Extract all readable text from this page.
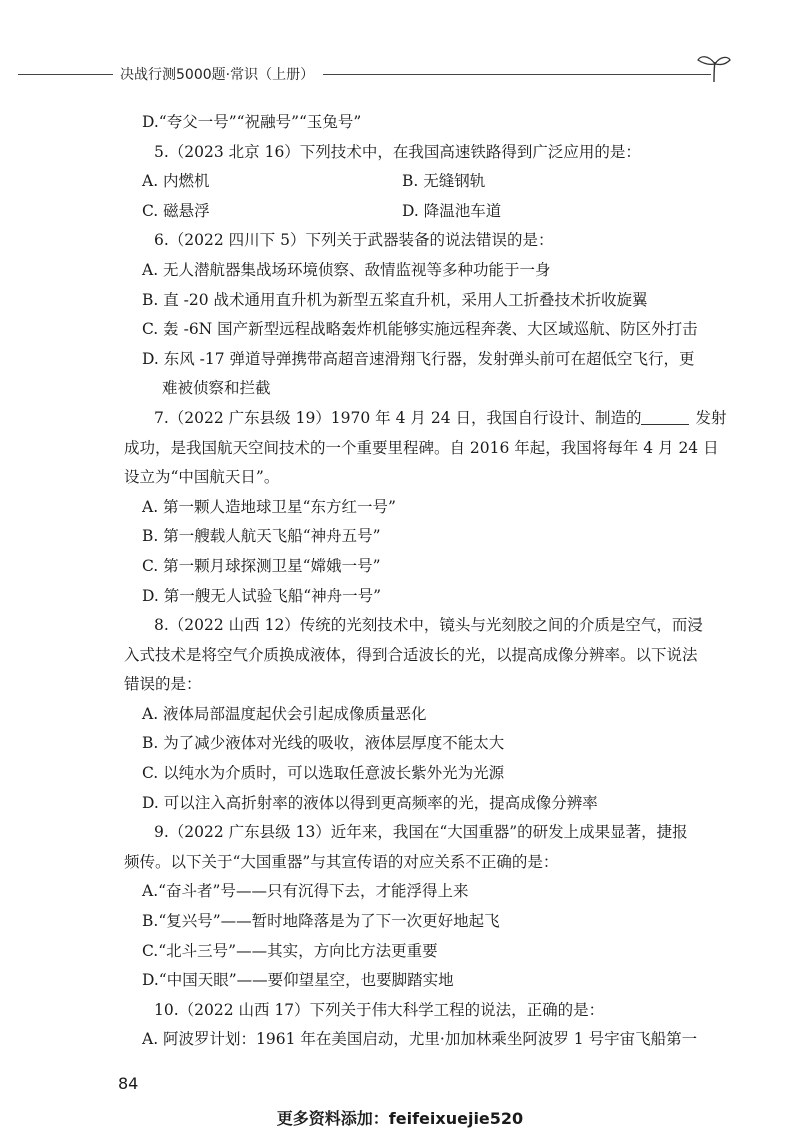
决战行测5000题·常识（上册）
D.“夸父一号”“祝融号”“玉兔号”
5.（2023 北京 16）下列技术中，在我国高速铁路得到广泛应用的是：
A. 内燃机	B. 无缝钢轨
C. 磁悬浮	D. 降温池车道
6.（2022 四川下 5）下列关于武器装备的说法错误的是：
A. 无人潜航器集战场环境侦察、敌情监视等多种功能于一身
B. 直 -20 战术通用直升机为新型五桨直升机，采用人工折叠技术折收旋翼
C. 轰 -6N 国产新型远程战略轰炸机能够实施远程奔袭、大区域巡航、防区外打击
D. 东风 -17 弹道导弹携带高超音速滑翔飞行器，发射弹头前可在超低空飞行，更
难被侦察和拦截
7.（2022 广东县级 19）1970 年 4 月 24 日，我国自行设计、制造的	发射
成功，是我国航天空间技术的一个重要里程碑。自 2016 年起，我国将每年 4 月 24 日
设立为“中国航天日”。
A. 第一颗人造地球卫星“东方红一号”
B. 第一艘载人航天飞船“神舟五号”
C. 第一颗月球探测卫星“嫦娥一号”
D. 第一艘无人试验飞船“神舟一号”
8.（2022 山西 12）传统的光刻技术中，镜头与光刻胶之间的介质是空气，而浸
入式技术是将空气介质换成液体，得到合适波长的光，以提高成像分辨率。以下说法
错误的是：
A. 液体局部温度起伏会引起成像质量恶化
B. 为了减少液体对光线的吸收，液体层厚度不能太大
C. 以纯水为介质时，可以选取任意波长紫外光为光源
D. 可以注入高折射率的液体以得到更高频率的光，提高成像分辨率
9.（2022 广东县级 13）近年来，我国在“大国重器”的研发上成果显著，捷报
频传。以下关于“大国重器”与其宣传语的对应关系不正确的是：
A.“奋斗者”号——只有沉得下去，才能浮得上来
B.“复兴号”——暂时地降落是为了下一次更好地起飞
C.“北斗三号”——其实，方向比方法更重要
D.“中国天眼”——要仰望星空，也要脚踏实地
10.（2022 山西 17）下列关于伟大科学工程的说法，正确的是：
A. 阿波罗计划：1961 年在美国启动，尤里·加加林乘坐阿波罗 1 号宇宙飞船第一
84
更多资料添加：feifeixuejie520
